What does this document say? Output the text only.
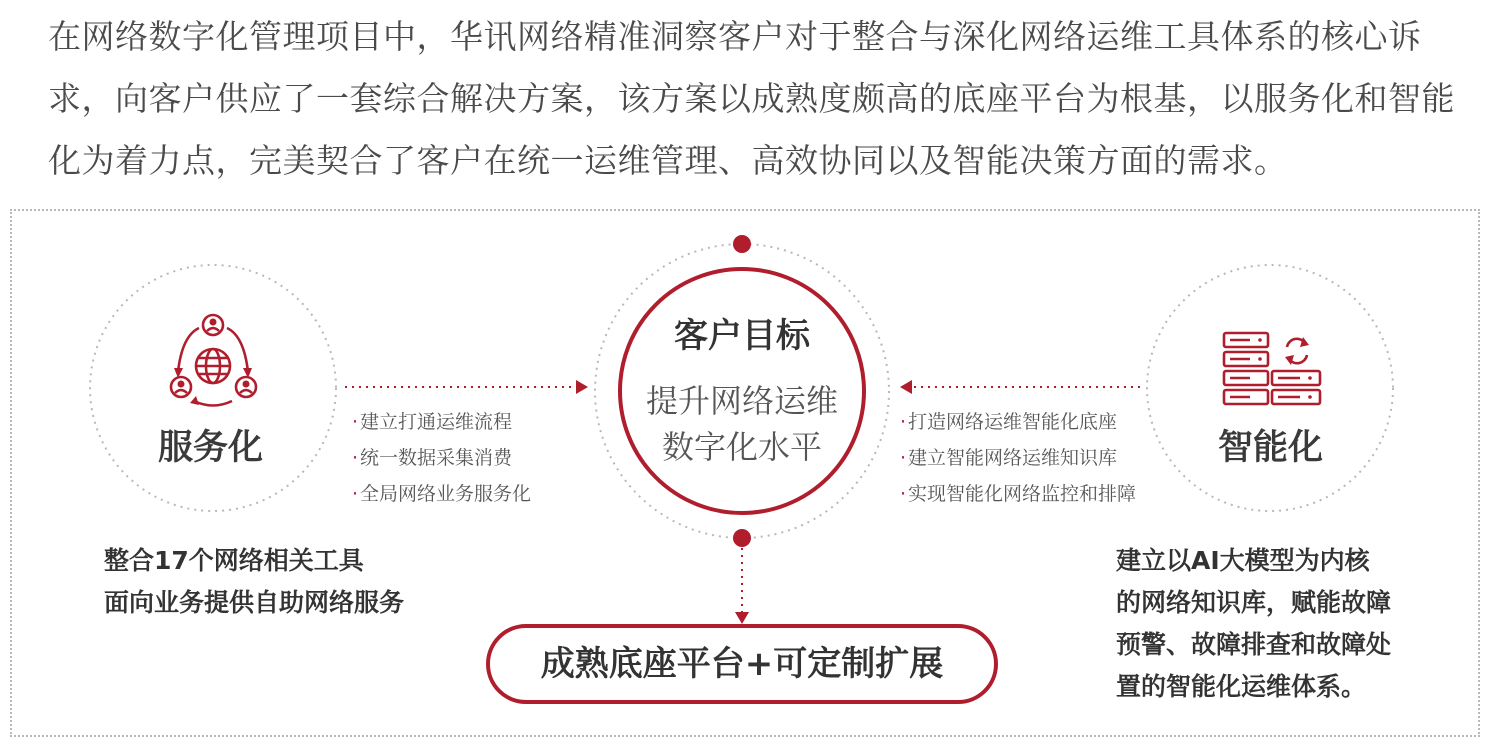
在网络数字化管理项目中，华讯网络精准洞察客户对于整合与深化网络运维工具体系的核心诉
求，向客户供应了一套综合解决方案，该方案以成熟度颇高的底座平台为根基，以服务化和智能
化为着力点，完美契合了客户在统一运维管理、高效协同以及智能决策方面的需求。
服务化
· 建立打通运维流程
· 统一数据采集消费
· 全局网络业务服务化
整合17个网络相关工具
面向业务提供自助网络服务
客户目标
提升网络运维
数字化水平
· 打造网络运维智能化底座
· 建立智能网络运维知识库
· 实现智能化网络监控和排障
智能化
建立以AI大模型为内核
的网络知识库，赋能故障
预警、故障排查和故障处
置的智能化运维体系。
成熟底座平台+可定制扩展
